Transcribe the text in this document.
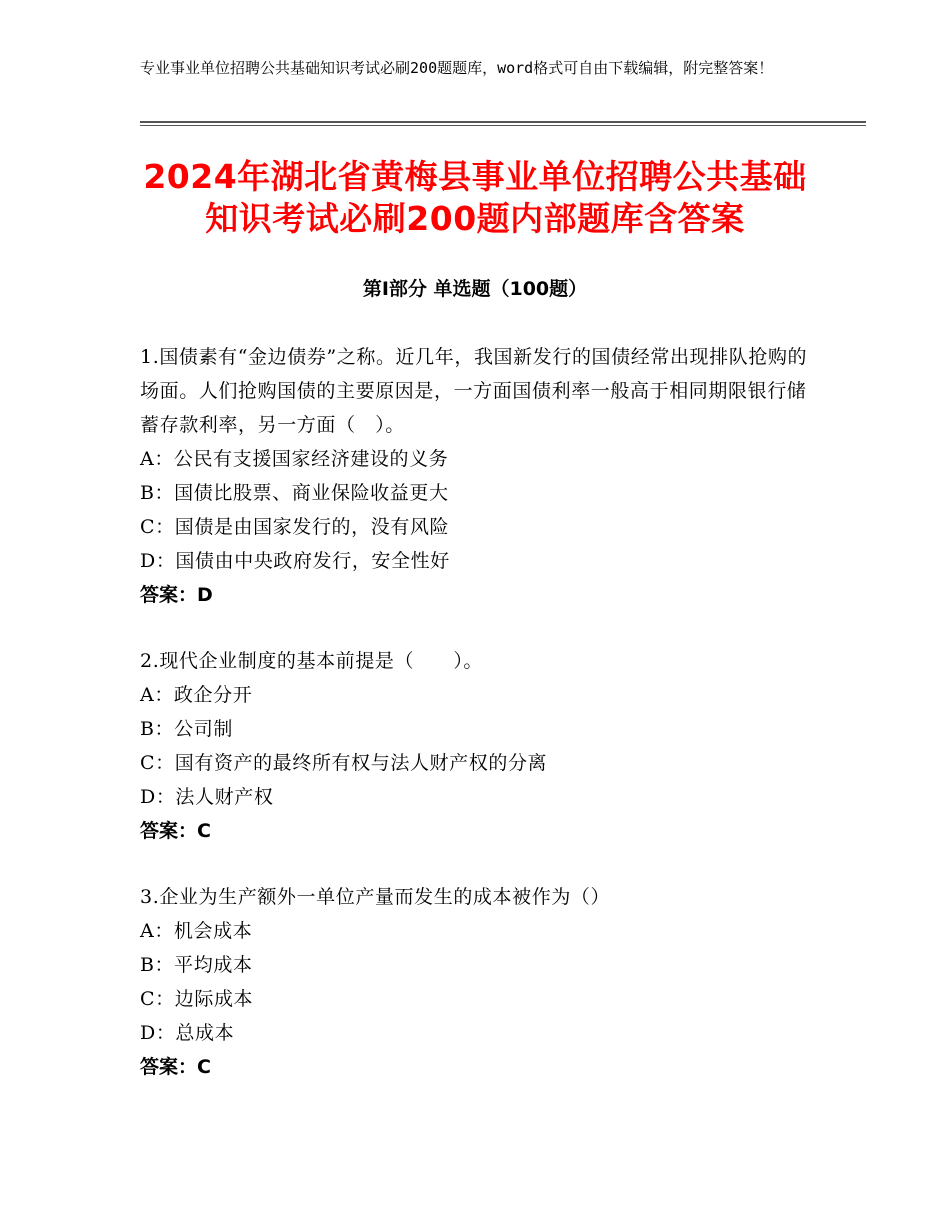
专业事业单位招聘公共基础知识考试必刷200题题库，word格式可自由下载编辑，附完整答案！
2024年湖北省黄梅县事业单位招聘公共基础
知识考试必刷200题内部题库含答案
第Ⅰ部分 单选题（100题）
1.国债素有“金边债券”之称。近几年，我国新发行的国债经常出现排队抢购的场面。人们抢购国债的主要原因是，一方面国债利率一般高于相同期限银行储蓄存款利率，另一方面（　）。
A：公民有支援国家经济建设的义务
B：国债比股票、商业保险收益更大
C：国债是由国家发行的，没有风险
D：国债由中央政府发行，安全性好
答案：D
2.现代企业制度的基本前提是（　　）。
A：政企分开
B：公司制
C：国有资产的最终所有权与法人财产权的分离
D：法人财产权
答案：C
3.企业为生产额外一单位产量而发生的成本被作为（）
A：机会成本
B：平均成本
C：边际成本
D：总成本
答案：C
